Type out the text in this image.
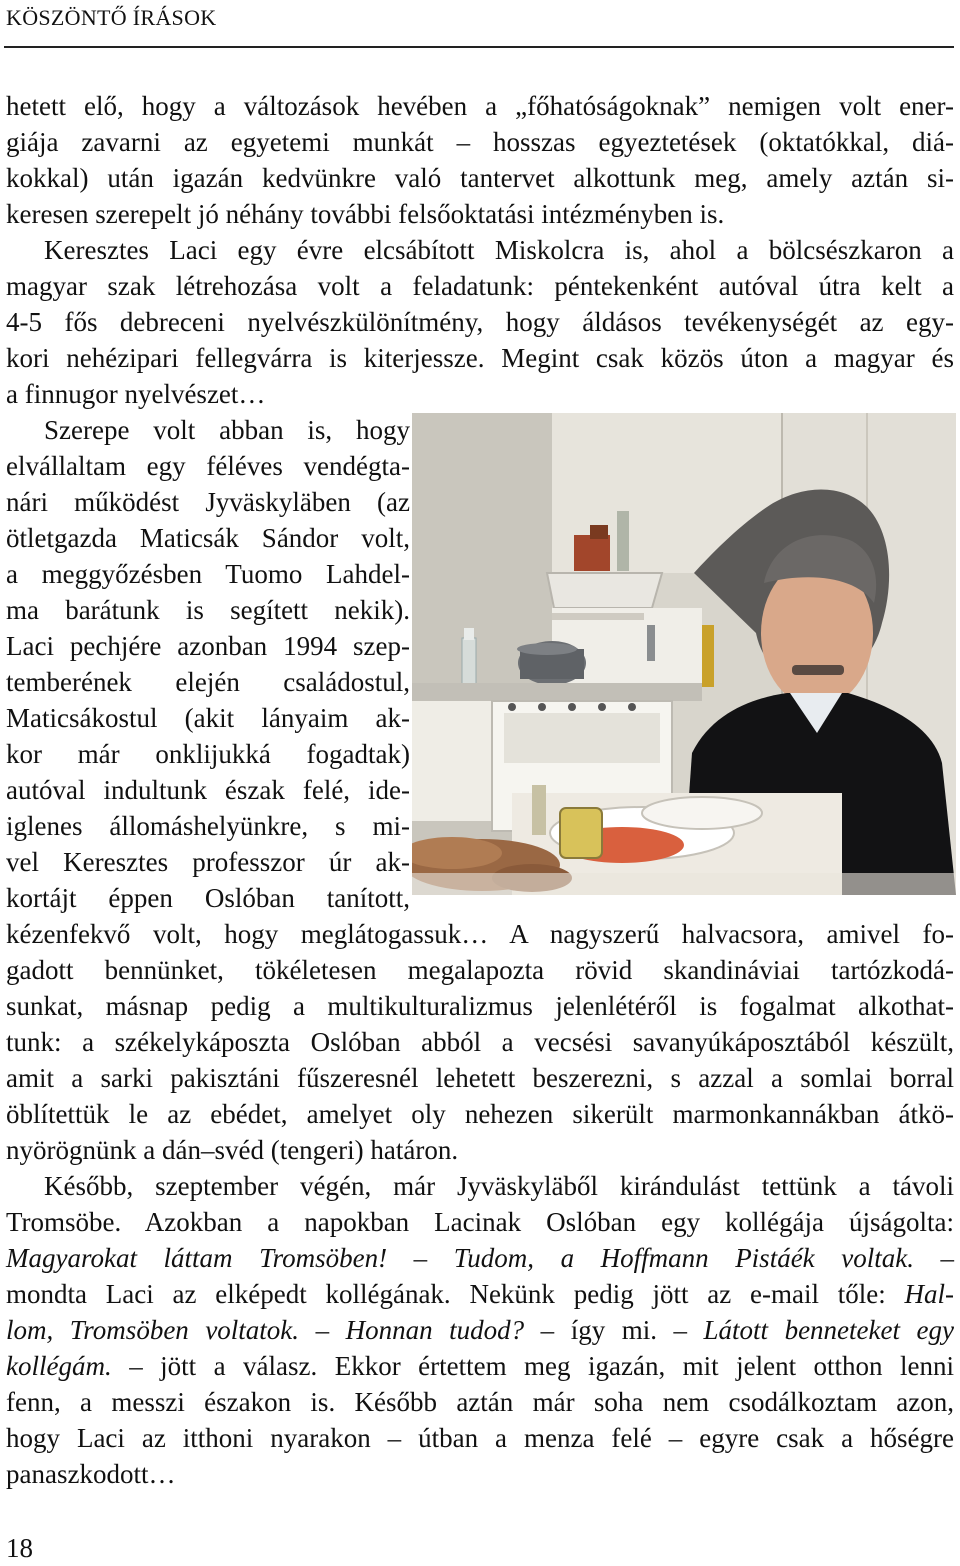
KÖSZÖNTŐ ÍRÁSOK
hetett elő, hogy a változások hevében a „főhatóságoknak” nemigen volt ener-
giája zavarni az egyetemi munkát – hosszas egyeztetések (oktatókkal, diá-
kokkal) után igazán kedvünkre való tantervet alkottunk meg, amely aztán si-
keresen szerepelt jó néhány további felsőoktatási intézményben is.
Keresztes Laci egy évre elcsábított Miskolcra is, ahol a bölcsészkaron a
magyar szak létrehozása volt a feladatunk: péntekenként autóval útra kelt a
4-5 fős debreceni nyelvészkülönítmény, hogy áldásos tevékenységét az egy-
kori nehézipari fellegvárra is kiterjessze. Megint csak közös úton a magyar és
a finnugor nyelvészet…
Szerepe volt abban is, hogy
elvállaltam egy féléves vendégta-
nári működést Jyväskyläben (az
ötletgazda Maticsák Sándor volt,
a meggyőzésben Tuomo Lahdel-
ma barátunk is segített nekik).
Laci pechjére azonban 1994 szep-
temberének elején családostul,
Maticsákostul (akit lányaim ak-
kor már onklijukká fogadtak)
autóval indultunk észak felé, ide-
iglenes állomáshelyünkre, s mi-
vel Keresztes professzor úr ak-
kortájt éppen Oslóban tanított,
kézenfekvő volt, hogy meglátogassuk… A nagyszerű halvacsora, amivel fo-
gadott bennünket, tökéletesen megalapozta rövid skandináviai tartózkodá-
sunkat, másnap pedig a multikulturalizmus jelenlétéről is fogalmat alkothat-
tunk: a székelykáposzta Oslóban abból a vecsési savanyúkáposztából készült,
amit a sarki pakisztáni fűszeresnél lehetett beszerezni, s azzal a somlai borral
öblítettük le az ebédet, amelyet oly nehezen sikerült marmonkannákban átkö-
nyörögnünk a dán–svéd (tengeri) határon.
Később, szeptember végén, már Jyväskyläből kirándulást tettünk a távoli
Tromsöbe. Azokban a napokban Lacinak Oslóban egy kollégája újságolta:
Magyarokat láttam Tromsöben! – Tudom, a Hoffmann Pistáék voltak. –
mondta Laci az elképedt kollégának. Nekünk pedig jött az e-mail tőle: Hal-
lom, Tromsöben voltatok. – Honnan tudod? – így mi. – Látott benneteket egy
kollégám. – jött a válasz. Ekkor értettem meg igazán, mit jelent otthon lenni
fenn, a messzi északon is. Később aztán már soha nem csodálkoztam azon,
hogy Laci az itthoni nyarakon – útban a menza felé – egyre csak a hőségre
panaszkodott…
18
